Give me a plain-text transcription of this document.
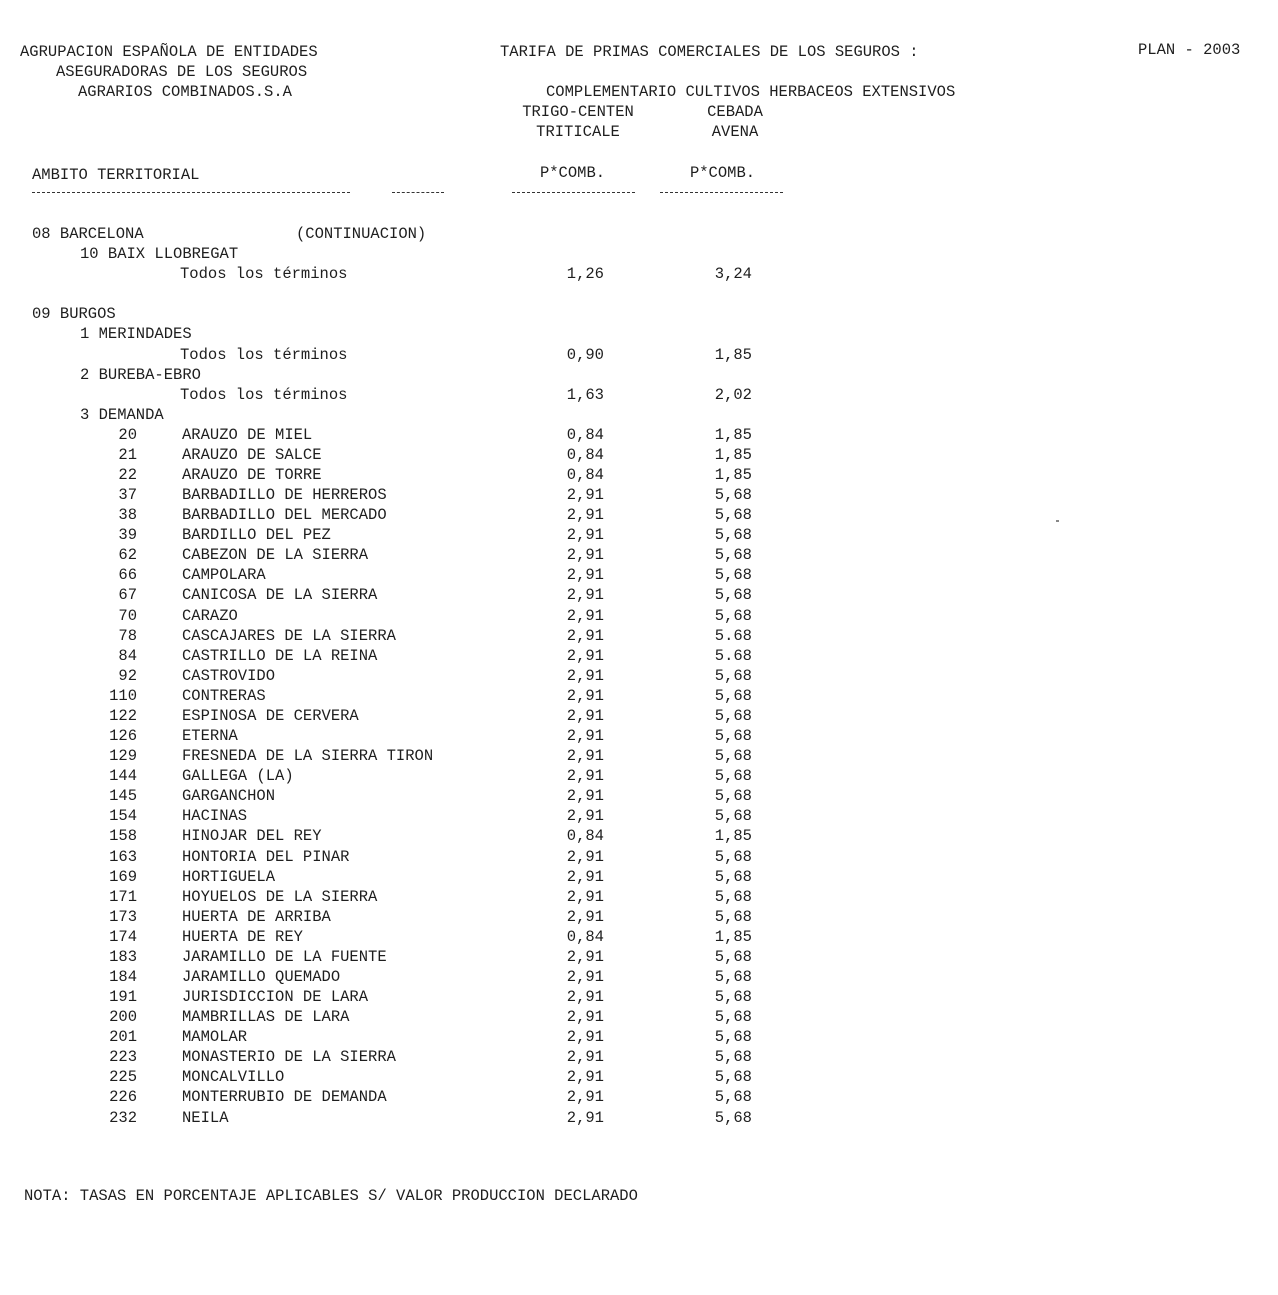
AGRUPACION ESPAÑOLA DE ENTIDADES
ASEGURADORAS DE LOS SEGUROS
AGRARIOS COMBINADOS.S.A
TARIFA DE PRIMAS COMERCIALES DE LOS SEGUROS :	PLAN - 2003
COMPLEMENTARIO CULTIVOS HERBACEOS EXTENSIVOS
TRIGO-CENTEN
TRITICALE
CEBADA
AVENA
AMBITO TERRITORIAL	P*COMB.	P*COMB.
08 BARCELONA	(CONTINUACION)
10 BAIX LLOBREGAT
Todos los términos	1,26	3,24
09 BURGOS
1 MERINDADES
Todos los términos	0,90	1,85
2 BUREBA-EBRO
Todos los términos	1,63	2,02
3 DEMANDA
20	ARAUZO DE MIEL	0,84	1,85
21	ARAUZO DE SALCE	0,84	1,85
22	ARAUZO DE TORRE	0,84	1,85
37	BARBADILLO DE HERREROS	2,91	5,68
38	BARBADILLO DEL MERCADO	2,91	5,68
39	BARDILLO DEL PEZ	2,91	5,68
62	CABEZON DE LA SIERRA	2,91	5,68
66	CAMPOLARA	2,91	5,68
67	CANICOSA DE LA SIERRA	2,91	5,68
70	CARAZO	2,91	5,68
78	CASCAJARES DE LA SIERRA	2,91	5.68
84	CASTRILLO DE LA REINA	2,91	5.68
92	CASTROVIDO	2,91	5,68
110	CONTRERAS	2,91	5,68
122	ESPINOSA DE CERVERA	2,91	5,68
126	ETERNA	2,91	5,68
129	FRESNEDA DE LA SIERRA TIRON	2,91	5,68
144	GALLEGA (LA)	2,91	5,68
145	GARGANCHON	2,91	5,68
154	HACINAS	2,91	5,68
158	HINOJAR DEL REY	0,84	1,85
163	HONTORIA DEL PINAR	2,91	5,68
169	HORTIGUELA	2,91	5,68
171	HOYUELOS DE LA SIERRA	2,91	5,68
173	HUERTA DE ARRIBA	2,91	5,68
174	HUERTA DE REY	0,84	1,85
183	JARAMILLO DE LA FUENTE	2,91	5,68
184	JARAMILLO QUEMADO	2,91	5,68
191	JURISDICCION DE LARA	2,91	5,68
200	MAMBRILLAS DE LARA	2,91	5,68
201	MAMOLAR	2,91	5,68
223	MONASTERIO DE LA SIERRA	2,91	5,68
225	MONCALVILLO	2,91	5,68
226	MONTERRUBIO DE DEMANDA	2,91	5,68
232	NEILA	2,91	5,68
NOTA: TASAS EN PORCENTAJE APLICABLES S/ VALOR PRODUCCION DECLARADO
